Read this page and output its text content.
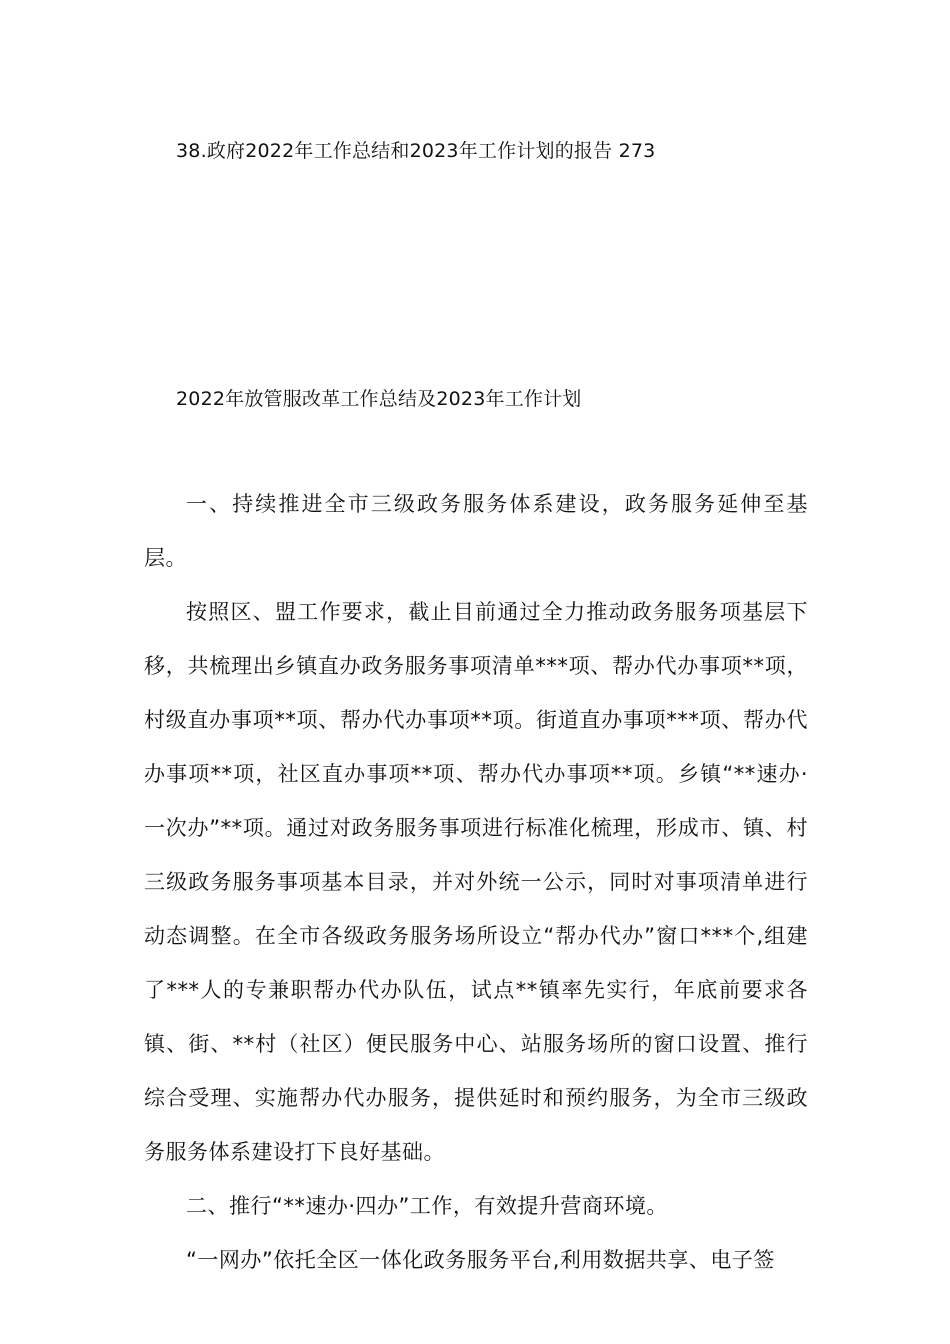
38.政府2022年工作总结和2023年工作计划的报告 273
2022年放管服改革工作总结及2023年工作计划

一、持续推进全市三级政务服务体系建设，政务服务延伸至基层。

按照区、盟工作要求，截止目前通过全力推动政务服务项基层下移，共梳理出乡镇直办政务服务事项清单***项、帮办代办事项**项，村级直办事项**项、帮办代办事项**项。街道直办事项***项、帮办代办事项**项，社区直办事项**项、帮办代办事项**项。乡镇“**速办·一次办”**项。通过对政务服务事项进行标准化梳理，形成市、镇、村三级政务服务事项基本目录，并对外统一公示，同时对事项清单进行动态调整。在全市各级政务服务场所设立“帮办代办”窗口***个,组建了***人的专兼职帮办代办队伍，试点**镇率先实行，年底前要求各镇、街、**村（社区）便民服务中心、站服务场所的窗口设置、推行综合受理、实施帮办代办服务，提供延时和预约服务，为全市三级政务服务体系建设打下良好基础。

二、推行“**速办·四办”工作，有效提升营商环境。

“一网办”依托全区一体化政务服务平台,利用数据共享、电子签
